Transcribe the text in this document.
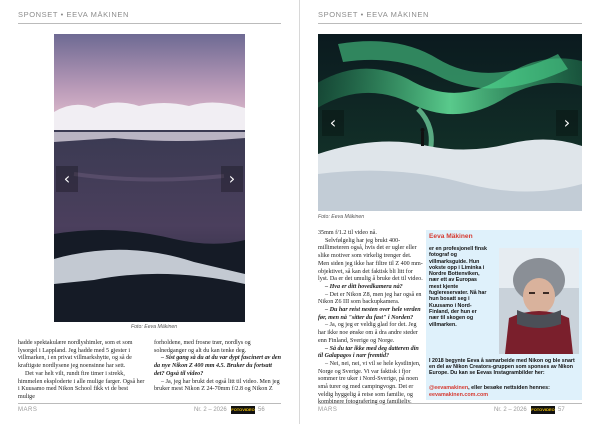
SPONSET • EEVA MÄKINEN
‹	›
Foto: Eeva Mäkinen

hadde spektakulære nordlyshimler, som et som lysorgel i Lappland. Jeg hadde med 5 gjester i villmarken, i en privat villmarkshytte, og så de kraftigste nordlysene jeg noensinne har sett.

Det var helt vilt, rundt fire timer i strekk, himmelen eksploderte i alle mulige farger. Også her i Kuusamo med Nikon School fikk vi de best mulige

forholdene, med frosne trær, nordlys og solnedganger og alt du kan tenke deg.

– Sist gang så du at du var dypt fascinert av den da nye Nikon Z 400 mm 4.5. Bruker du fortsatt det? Også til video?

– Ja, jeg har brukt det også litt til video. Men jeg bruker mest Nikon Z 24-70mm f/2.8 og Nikon Z

MARS	Nr. 2 – 2026 FOTOVIDEO 56
SPONSET • EEVA MÄKINEN
‹	›
Foto: Eeva Mäkinen

35mm f/1.2 til video nå.

Selvfølgelig har jeg brukt 400-millimeteren også, hvis det er ugler eller slike motiver som virkelig trenger det. Men siden jeg ikke har filtre til Z 400 mm-objektivet, så kan det faktisk bli litt for lyst. Da er det umulig å bruke det til video.

– Hva er ditt hovedkamera nå?

– Det er Nikon Z8, men jeg har også en Nikon Z6 III som backupkamera.

– Du har reist nesten over hele verden før, men nå "sitter du fast" i Norden?

– Ja, og jeg er veldig glad for det. Jeg har ikke noe ønske om å dra andre steder enn Finland, Sverige og Norge.

– Så du tar ikke med deg datteren din til Galapagos i nær fremtid?

– Nei, nei, nei, vi vil se hele kystlinjen, Norge og Sverige. Vi var faktisk i fjor sommer tre uker i Nord-Sverige, på noen små turer og med campingvogn. Det er veldig hyggelig å reise som familie, og kombinere fotografering og familieliv.

MARS	Nr. 2 – 2026 FOTOVIDEO 57
Eeva Mäkinen
er en profesjonell finsk fotograf og villmarksguide. Hun vokste opp i Liminka i Nordre Bottenviken, nær ett av Europas mest kjente fuglereservater. Nå har hun bosatt seg i Kuusamo i Nord-Finland, der hun er nær til skogen og villmarken.
I 2018 begynte Eeva å samarbeide med Nikon og ble snart en del av Nikon Creators-gruppen som sponses av Nikon Europe. Du kan se Eevas Instagrambilder her:
@eevamakinen, eller besøke nettsiden hennes:
eevamakinen.com.com
